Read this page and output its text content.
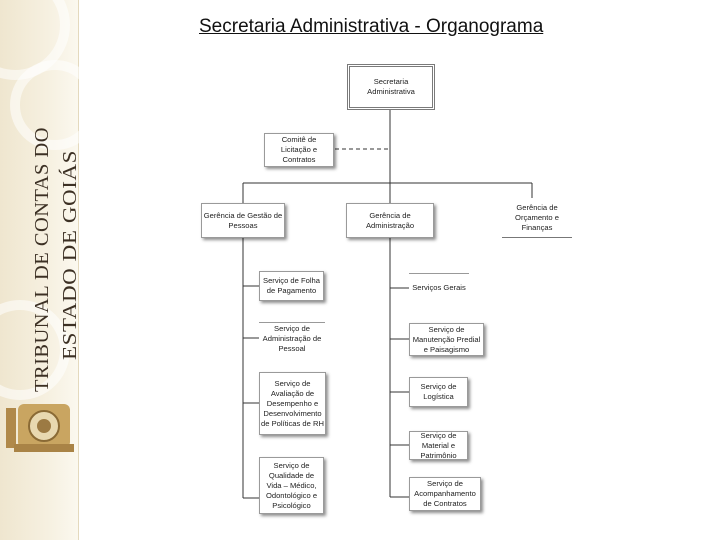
TRIBUNAL DE CONTAS DO ESTADO DE GOIÁS
Secretaria Administrativa - Organograma
Secretaria
Administrativa
Comitê de
Licitação e
Contratos
Gerência de Gestão de
Pessoas
Gerência de
Administração
Gerência de
Orçamento e
Finanças
Serviço de Folha
de Pagamento
Serviço de
Administração de
Pessoal
Serviço de
Avaliação de
Desempenho e
Desenvolvimento
de Políticas de RH
Serviço de
Qualidade de
Vida – Médico,
Odontológico e
Psicológico
Serviços Gerais
Serviço de
Manutenção Predial
e Paisagismo
Serviço de
Logística
Serviço de
Material e
Patrimônio
Serviço de
Acompanhamento
de Contratos
